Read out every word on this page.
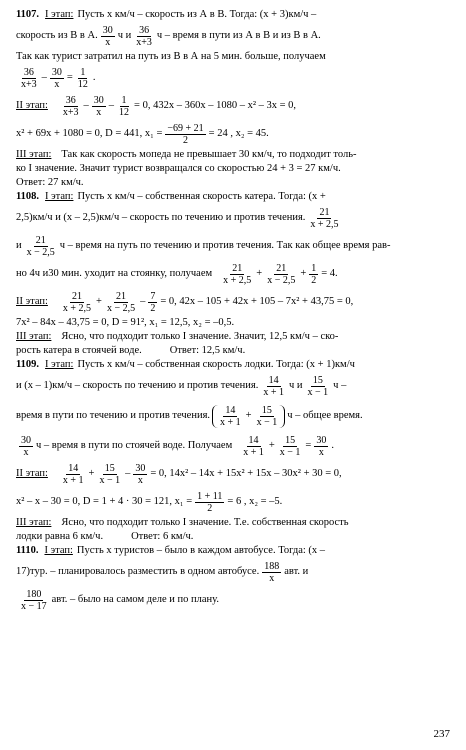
1107. I этап: Пусть x км/ч – скорость из А в В. Тогда: (x + 3)км/ч –
скорость из В в А. $\frac{30}{x}$ ч и $\frac{36}{x+3}$ ч – время в пути из А в В и из В в А.
Так как турист затратил на путь из В в А на 5 мин. больше, получаем
$\frac{36}{x+3} - \frac{30}{x} = \frac{1}{12}$ .
II этап: $\frac{36}{x+3} - \frac{30}{x} - \frac{1}{12} = 0$, 432x – 360x – 1080 – x² – 3x = 0,
x² + 69x + 1080 = 0, D = 441, $x_1 = \frac{-69 + 21}{2} = 24$ , x₂ = 45.
III этап: Так как скорость мопеда не превышает 30 км/ч, то подходит толь-
ко I значение. Значит турист возвращался со скоростью 24 + 3 = 27 км/ч.
Ответ: 27 км/ч.
1108. I этап: Пусть x км/ч – собственная скорость катера. Тогда: (x +
2,5)км/ч и (x – 2,5)км/ч – скорость по течению и против течения. $\frac{21}{x + 2,5}$
и $\frac{21}{x - 2,5}$ ч – время на путь по течению и против течения. Так как общее время рав-
но 4ч и30 мин. уходит на стоянку, получаем $\frac{21}{x + 2,5} + \frac{21}{x - 2,5} + \frac{1}{2} = 4$.
II этап: $\frac{21}{x + 2,5} + \frac{21}{x - 2,5} - \frac{7}{2} = 0$, 42x – 105 + 42x + 105 – 7x² + 43,75 = 0,
7x² – 84x – 43,75 = 0, D = 91², x₁ = 12,5, x₂ = –0,5.
III этап: Ясно, что подходит только I значение. Значит, 12,5 км/ч – ско-
рость катера в стоячей воде.	Ответ: 12,5 км/ч.
1109. I этап: Пусть x км/ч – собственная скорость лодки. Тогда: (x + 1)км/ч
и (x – 1)км/ч – скорость по течению и против течения. $\frac{14}{x + 1}$ ч и $\frac{15}{x - 1}$ ч –
время в пути по течению и против течения. $\frac{14}{x + 1} + \frac{15}{x - 1}$ ч – общее время.
$\frac{30}{x}$ ч – время в пути по стоячей воде. Получаем $\frac{14}{x + 1} + \frac{15}{x - 1} = \frac{30}{x}$ .
II этап: $\frac{14}{x + 1} + \frac{15}{x - 1} - \frac{30}{x} = 0$, 14x² – 14x + 15x² + 15x – 30x² + 30 = 0,
x² – x – 30 = 0, D = 1 + 4 · 30 = 121, $x_1 = \frac{1 + 11}{2} = 6$ , x₂ = –5.
III этап: Ясно, что подходит только I значение. Т.е. собственная скорость
лодки равна 6 км/ч.	Ответ: 6 км/ч.
1110. I этап: Пусть x туристов – было в каждом автобусе. Тогда: (x –
17)тур. – планировалось разместить в одном автобусе. $\frac{188}{x}$ авт. и
$\frac{180}{x - 17}$ авт. – было на самом деле и по плану.
237
